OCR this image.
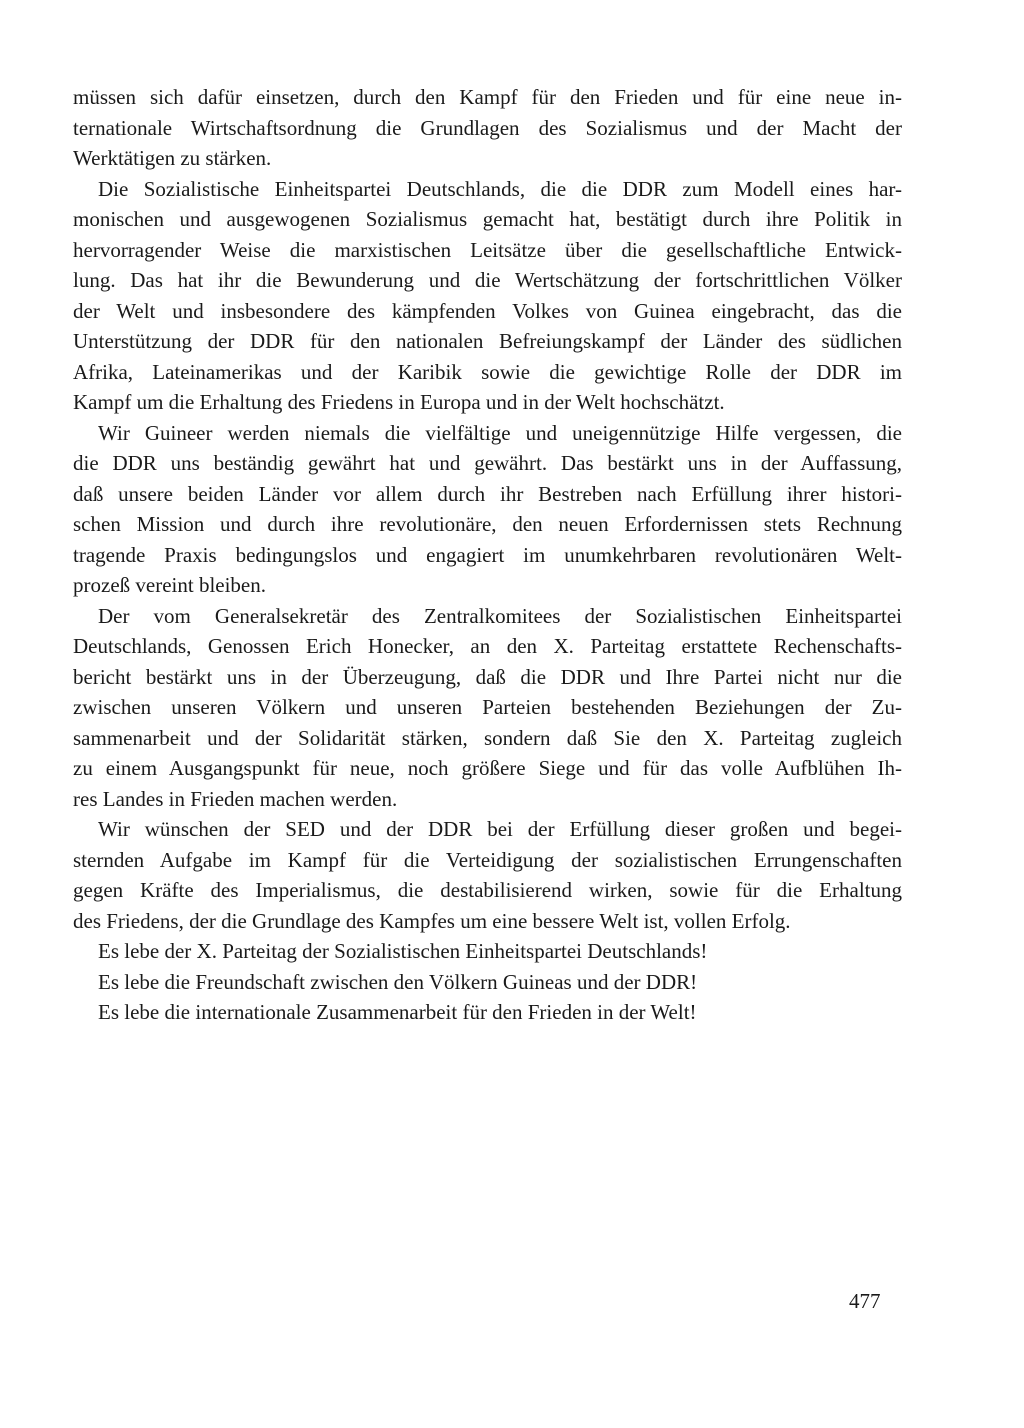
müssen sich dafür einsetzen, durch den Kampf für den Frieden und für eine neue in-
ternationale Wirtschaftsordnung die Grundlagen des Sozialismus und der Macht der
Werktätigen zu stärken.
Die Sozialistische Einheitspartei Deutschlands, die die DDR zum Modell eines har-
monischen und ausgewogenen Sozialismus gemacht hat, bestätigt durch ihre Politik in
hervorragender Weise die marxistischen Leitsätze über die gesellschaftliche Entwick-
lung. Das hat ihr die Bewunderung und die Wertschätzung der fortschrittlichen Völker
der Welt und insbesondere des kämpfenden Volkes von Guinea eingebracht, das die
Unterstützung der DDR für den nationalen Befreiungskampf der Länder des südlichen
Afrika, Lateinamerikas und der Karibik sowie die gewichtige Rolle der DDR im
Kampf um die Erhaltung des Friedens in Europa und in der Welt hochschätzt.
Wir Guineer werden niemals die vielfältige und uneigennützige Hilfe vergessen, die
die DDR uns beständig gewährt hat und gewährt. Das bestärkt uns in der Auffassung,
daß unsere beiden Länder vor allem durch ihr Bestreben nach Erfüllung ihrer histori-
schen Mission und durch ihre revolutionäre, den neuen Erfordernissen stets Rechnung
tragende Praxis bedingungslos und engagiert im unumkehrbaren revolutionären Welt-
prozeß vereint bleiben.
Der vom Generalsekretär des Zentralkomitees der Sozialistischen Einheitspartei
Deutschlands, Genossen Erich Honecker, an den X. Parteitag erstattete Rechenschafts-
bericht bestärkt uns in der Überzeugung, daß die DDR und Ihre Partei nicht nur die
zwischen unseren Völkern und unseren Parteien bestehenden Beziehungen der Zu-
sammenarbeit und der Solidarität stärken, sondern daß Sie den X. Parteitag zugleich
zu einem Ausgangspunkt für neue, noch größere Siege und für das volle Aufblühen Ih-
res Landes in Frieden machen werden.
Wir wünschen der SED und der DDR bei der Erfüllung dieser großen und begei-
sternden Aufgabe im Kampf für die Verteidigung der sozialistischen Errungenschaften
gegen Kräfte des Imperialismus, die destabilisierend wirken, sowie für die Erhaltung
des Friedens, der die Grundlage des Kampfes um eine bessere Welt ist, vollen Erfolg.
Es lebe der X. Parteitag der Sozialistischen Einheitspartei Deutschlands!
Es lebe die Freundschaft zwischen den Völkern Guineas und der DDR!
Es lebe die internationale Zusammenarbeit für den Frieden in der Welt!
477
